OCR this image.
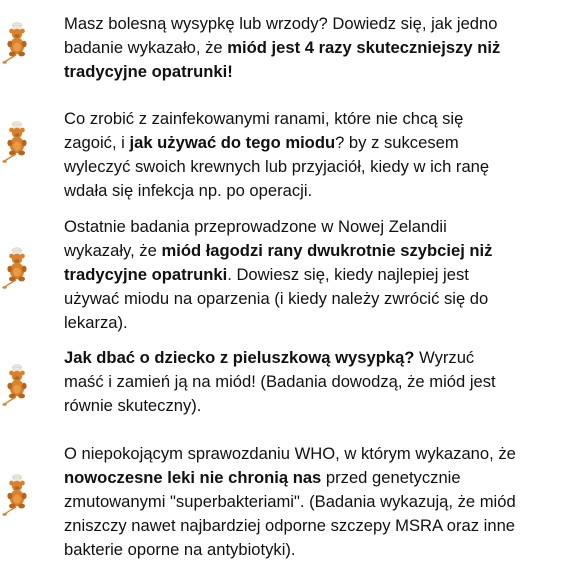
Masz bolesną wysypkę lub wrzody? Dowiedz się, jak jedno
badanie wykazało, że miód jest 4 razy skuteczniejszy niż
tradycyjne opatrunki!
Co zrobić z zainfekowanymi ranami, które nie chcą się
zagoić, i jak używać do tego miodu? by z sukcesem
wyleczyć swoich krewnych lub przyjaciół, kiedy w ich ranę
wdała się infekcja np. po operacji.
Ostatnie badania przeprowadzone w Nowej Zelandii
wykazały, że miód łagodzi rany dwukrotnie szybciej niż
tradycyjne opatrunki. Dowiesz się, kiedy najlepiej jest
używać miodu na oparzenia (i kiedy należy zwrócić się do
lekarza).
Jak dbać o dziecko z pieluszkową wysypką? Wyrzuć
maść i zamień ją na miód! (Badania dowodzą, że miód jest
równie skuteczny).
O niepokojącym sprawozdaniu WHO, w którym wykazano, że
nowoczesne leki nie chronią nas przed genetycznie
zmutowanymi "superbakteriami". (Badania wykazują, że miód
zniszczy nawet najbardziej odporne szczepy MSRA oraz inne
bakterie oporne na antybiotyki).
